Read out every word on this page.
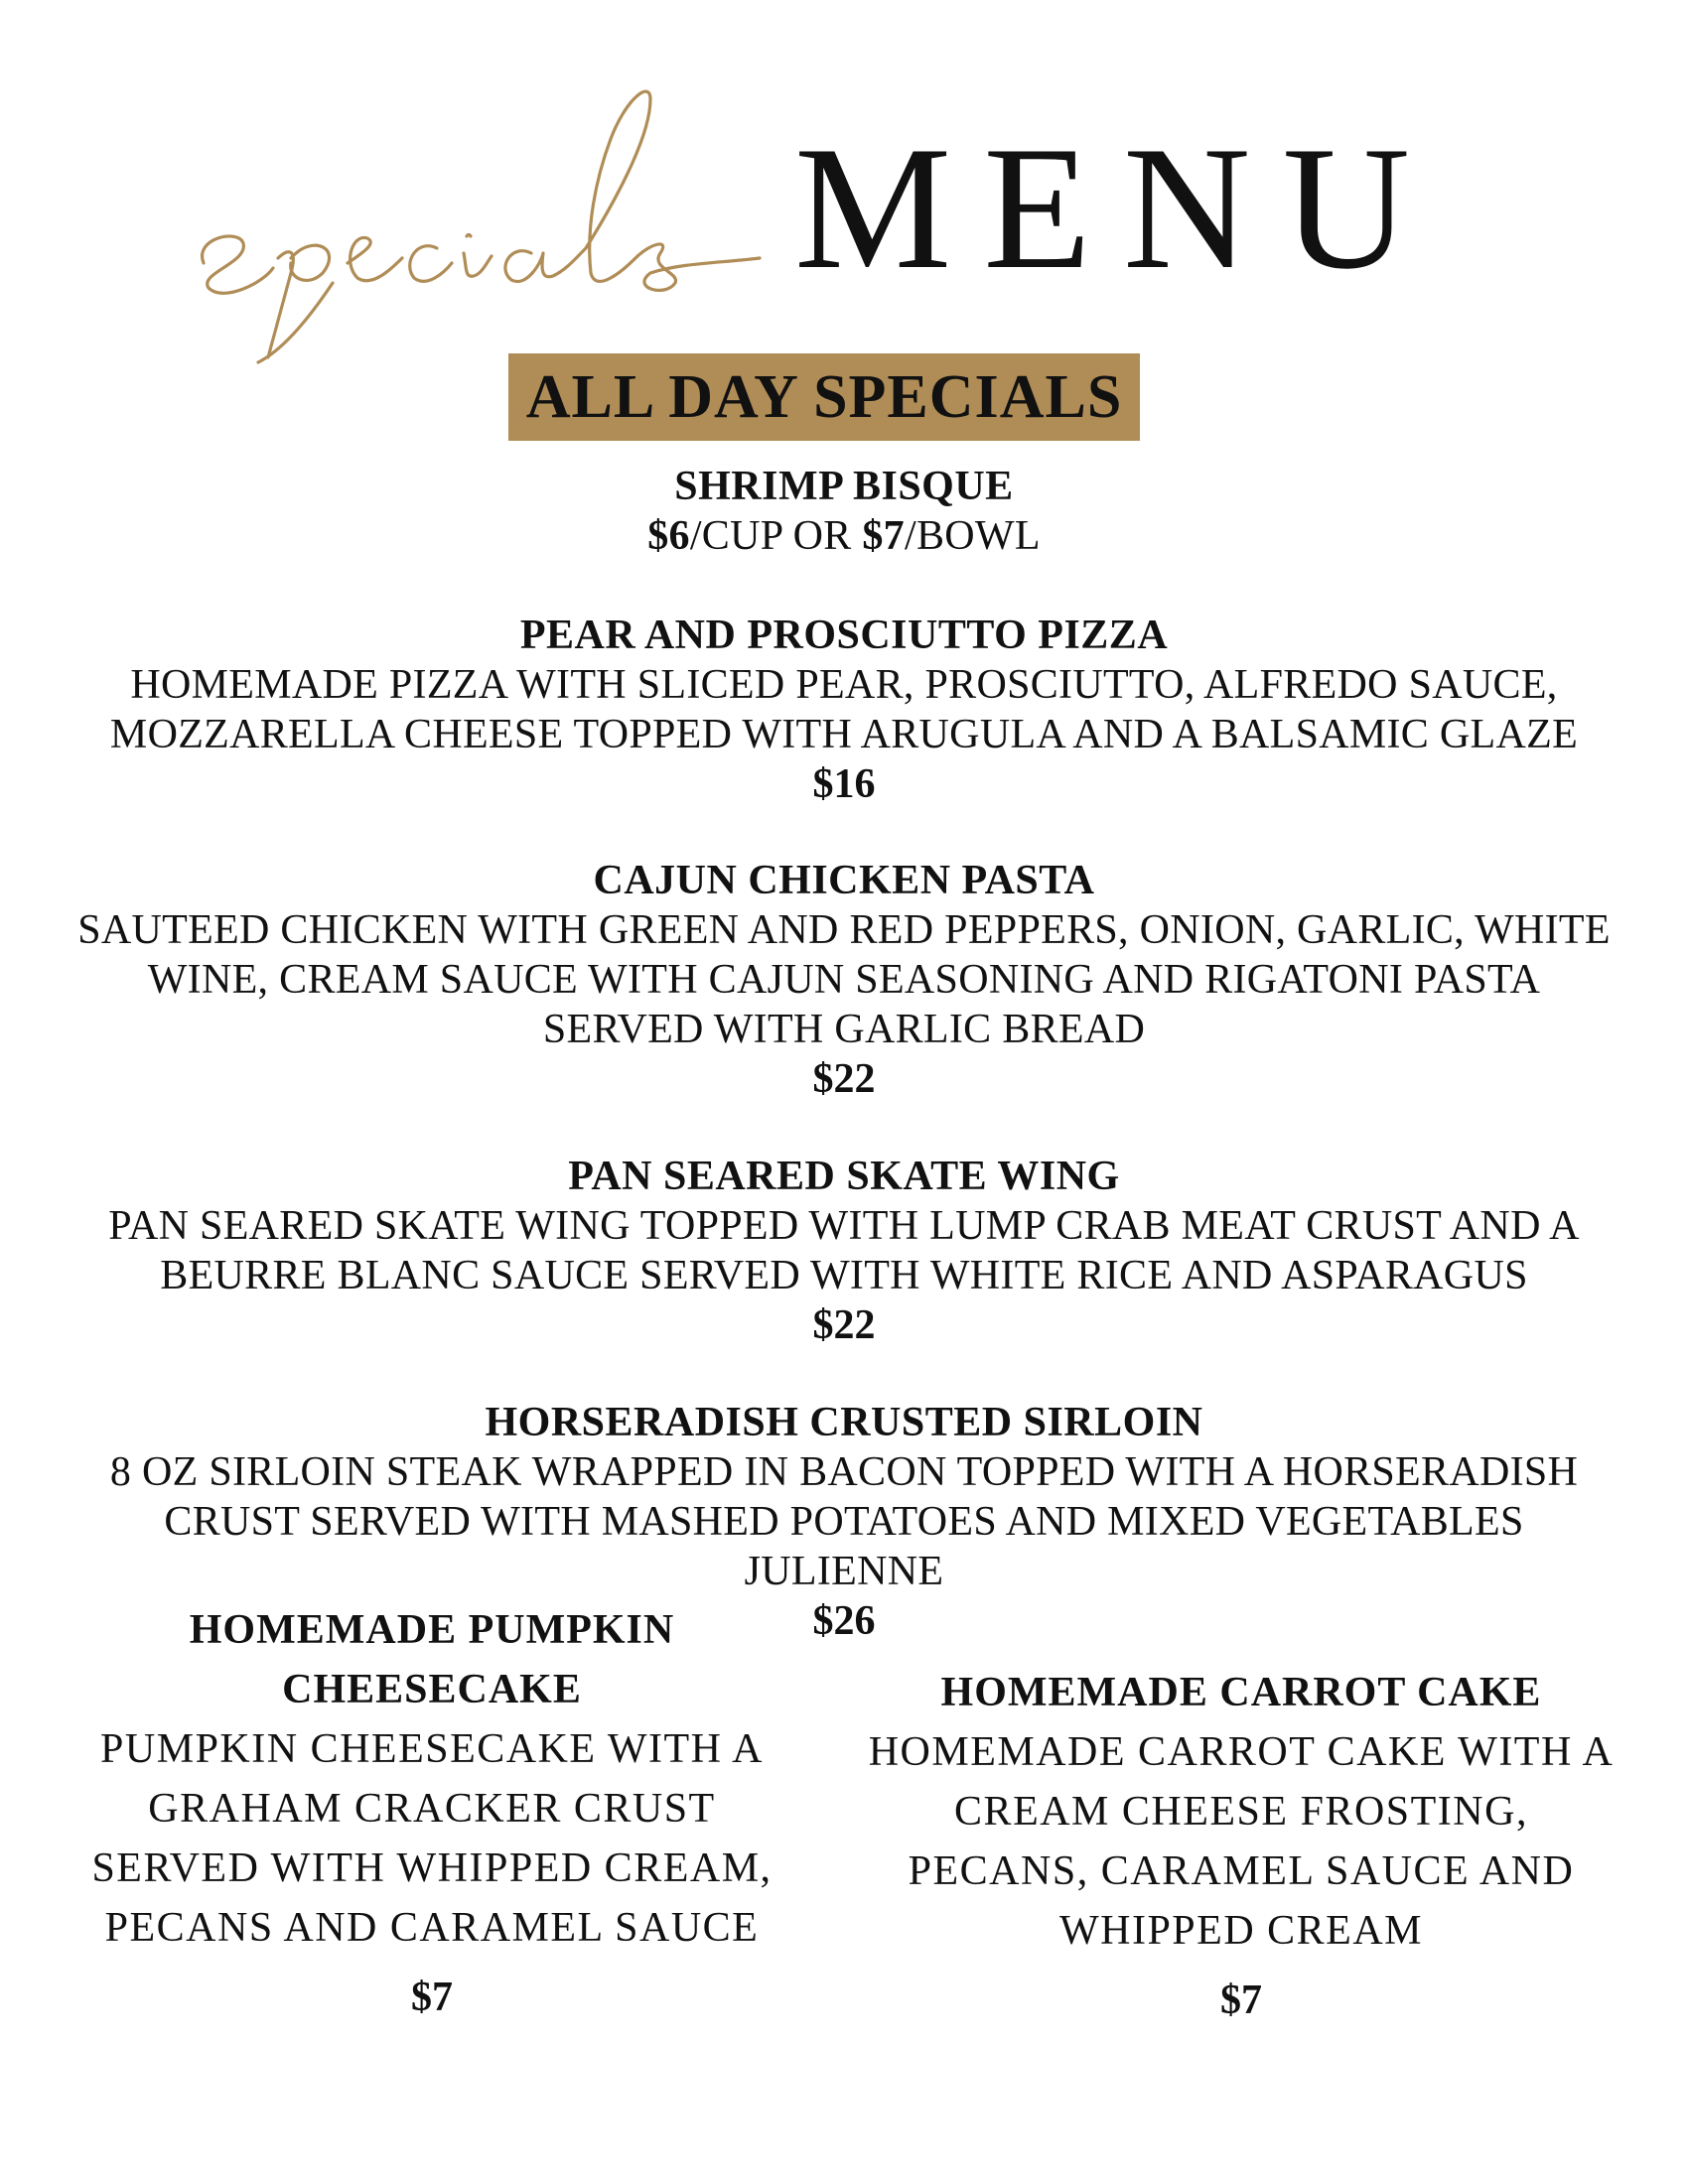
MENU
ALL DAY SPECIALS
SHRIMP BISQUE
$6/CUP OR $7/BOWL
PEAR AND PROSCIUTTO PIZZA
HOMEMADE PIZZA WITH SLICED PEAR, PROSCIUTTO, ALFREDO SAUCE,
MOZZARELLA CHEESE TOPPED WITH ARUGULA AND A BALSAMIC GLAZE
$16
CAJUN CHICKEN PASTA
SAUTEED CHICKEN WITH GREEN AND RED PEPPERS, ONION, GARLIC, WHITE
WINE, CREAM SAUCE WITH CAJUN SEASONING AND RIGATONI PASTA
SERVED WITH GARLIC BREAD
$22
PAN SEARED SKATE WING
PAN SEARED SKATE WING TOPPED WITH LUMP CRAB MEAT CRUST AND A
BEURRE BLANC SAUCE SERVED WITH WHITE RICE AND ASPARAGUS
$22
HORSERADISH CRUSTED SIRLOIN
8 OZ SIRLOIN STEAK WRAPPED IN BACON TOPPED WITH A HORSERADISH
CRUST SERVED WITH MASHED POTATOES AND MIXED VEGETABLES
JULIENNE
$26
HOMEMADE PUMPKIN
CHEESECAKE
PUMPKIN CHEESECAKE WITH A
GRAHAM CRACKER CRUST
SERVED WITH WHIPPED CREAM,
PECANS AND CARAMEL SAUCE
$7
HOMEMADE CARROT CAKE
HOMEMADE CARROT CAKE WITH A
CREAM CHEESE FROSTING,
PECANS, CARAMEL SAUCE AND
WHIPPED CREAM
$7
